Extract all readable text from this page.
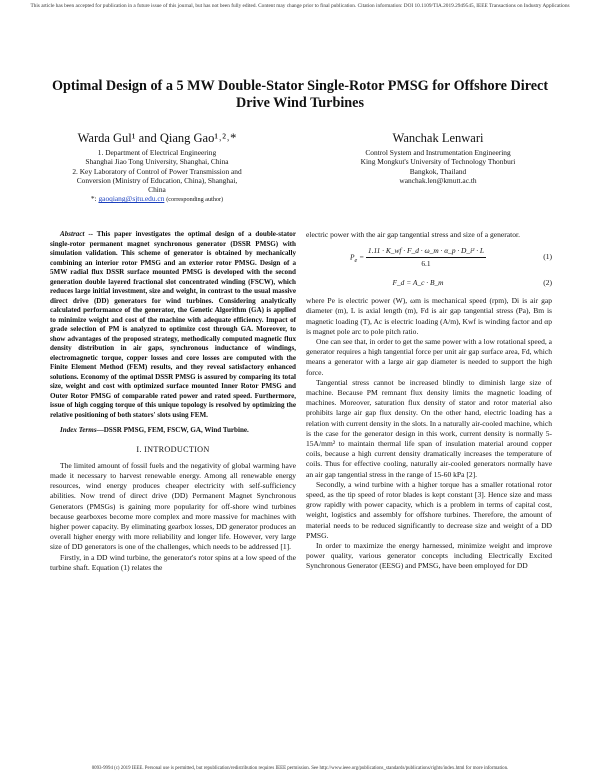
This article has been accepted for publication in a future issue of this journal, but has not been fully edited. Content may change prior to final publication. Citation information: DOI 10.1109/TIA.2019.2949545, IEEE Transactions on Industry Applications
Optimal Design of a 5 MW Double-Stator Single-Rotor PMSG for Offshore Direct
Drive Wind Turbines
Warda Gul¹ and Qiang Gao¹˒²˒*
1. Department of Electrical Engineering
Shanghai Jiao Tong University, Shanghai, China
2. Key Laboratory of Control of Power Transmission and
Conversion (Ministry of Education, China), Shanghai,
China
*: gaoqiang@sjtu.edu.cn (corresponding author)
Wanchak Lenwari
Control System and Instrumentation Engineering
King Mongkut's University of Technology Thonburi
Bangkok, Thailand
wanchak.len@kmutt.ac.th

Abstract -- This paper investigates the optimal design of a double-stator single-rotor permanent magnet synchronous generator (DSSR PMSG) with simulation validation. This scheme of generator is obtained by mechanically combining an interior rotor PMSG and an exterior rotor PMSG. Design of a 5MW radial flux DSSR surface mounted PMSG is developed with the second generation double layered fractional slot concentrated winding (FSCW), which reduces large initial investment, size and weight, in contrast to the usual massive direct drive (DD) generators for wind turbines. Considering analytically calculated performance of the generator, the Genetic Algorithm (GA) is applied to minimize weight and cost of the machine with adequate efficiency. Impact of grade selection of PM is analyzed to optimize cost through GA. Moreover, to show advantages of the proposed strategy, methodically computed magnetic flux density distribution in air gaps, synchronous inductance of windings, electromagnetic torque, copper losses and core losses are computed with the Finite Element Method (FEM) results, and they reveal satisfactory enhanced solutions. Economy of the optimal DSSR PMSG is assured by comparing its total size, weight and cost with optimized surface mounted Inner Rotor PMSG and Outer Rotor PMSG of comparable rated power and rated speed. Furthermore, issue of high cogging torque of this unique topology is resolved by optimizing the relative positioning of both stators' slots using FEM.

Index Terms—DSSR PMSG, FEM, FSCW, GA, Wind Turbine.

I. INTRODUCTION

The limited amount of fossil fuels and the negativity of global warming have made it necessary to harvest renewable energy. Among all renewable energy resources, wind energy produces cheaper electricity with self-sufficiency abilities. Now trend of direct drive (DD) Permanent Magnet Synchronous Generators (PMSGs) is gaining more popularity for off-shore wind turbines because gearboxes become more complex and more massive for machines with higher power capacity. By eliminating gearbox losses, DD generator produces an overall higher energy with more reliability and longer life. However, very large size of DD generators is one of the challenges, which needs to be addressed [1].

Firstly, in a DD wind turbine, the generator's rotor spins at a low speed of the turbine shaft. Equation (1) relates the

electric power with the air gap tangential stress and size of a generator.

$P_e = \frac{\text{1.11 · K\_wf · F\_d · ω\_m · α\_p · D\_i² · L}}{6.1}$	(1)
F_d = A_c · B_m	(2)

where Pe is electric power (W), ωm is mechanical speed (rpm), Di is air gap diameter (m), L is axial length (m), Fd is air gap tangential stress (Pa), Bm is magnetic loading (T), Ac is electric loading (A/m), Kwf is winding factor and αp is magnet pole arc to pole pitch ratio.

One can see that, in order to get the same power with a low rotational speed, a generator requires a high tangential force per unit air gap surface area, Fd, which means a generator with a large air gap diameter is needed to support the high force.

Tangential stress cannot be increased blindly to diminish large size of machine. Because PM remnant flux density limits the magnetic loading of machines. Moreover, saturation flux density of stator and rotor material also prohibits large air gap flux density. On the other hand, electric loading has a relation with current density in the slots. In a naturally air-cooled machine, which is the case for the generator design in this work, current density is normally 5-15A/mm² to maintain thermal life span of insulation material around copper coils, because a high current density dramatically increases the temperature of coils. Thus for effective cooling, naturally air-cooled generators normally have an air gap tangential stress in the range of 15-60 kPa [2].

Secondly, a wind turbine with a higher torque has a smaller rotational rotor speed, as the tip speed of rotor blades is kept constant [3]. Hence size and mass grow rapidly with power capacity, which is a problem in terms of capital cost, weight, logistics and assembly for offshore turbines. Therefore, the amount of material needs to be reduced significantly to decrease size and weight of a DD PMSG.

In order to maximize the energy harnessed, minimize weight and improve power quality, various generator concepts including Electrically Excited Synchronous Generator (EESG) and PMSG, have been employed for DD

0093-9994 (c) 2019 IEEE. Personal use is permitted, but republication/redistribution requires IEEE permission. See http://www.ieee.org/publications_standards/publications/rights/index.html for more information.
